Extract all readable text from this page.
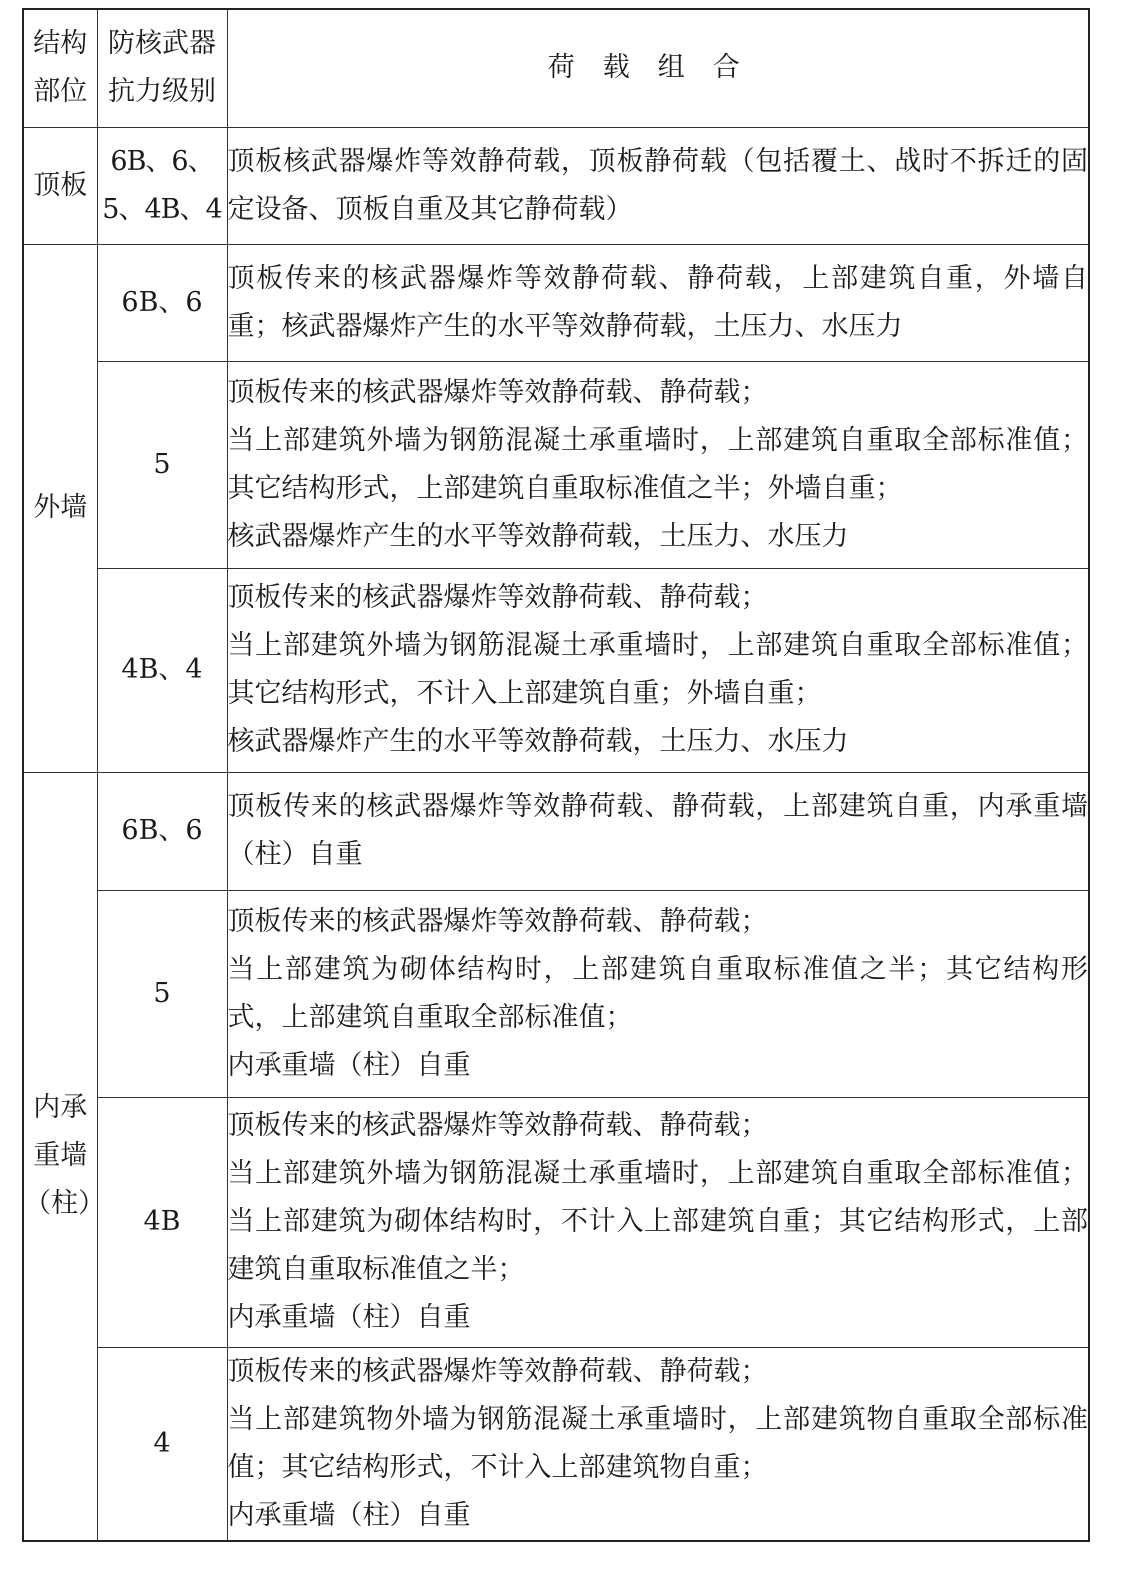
结构部位	防核武器抗力级别	荷载组合
顶板	6B、6、5、4B、4	顶板核武器爆炸等效静荷载，顶板静荷载（包括覆土、战时不拆迁的固定设备、顶板自重及其它静荷载）

外墙	6B、6	顶板传来的核武器爆炸等效静荷载、静荷载，上部建筑自重，外墙自重；核武器爆炸产生的水平等效静荷载，土压力、水压力

	5	顶板传来的核武器爆炸等效静荷载、静荷载；
当上部建筑外墙为钢筋混凝土承重墙时，上部建筑自重取全部标准值；其它结构形式，上部建筑自重取标准值之半；外墙自重；
核武器爆炸产生的水平等效静荷载，土压力、水压力

	4B、4	顶板传来的核武器爆炸等效静荷载、静荷载；
当上部建筑外墙为钢筋混凝土承重墙时，上部建筑自重取全部标准值；其它结构形式，不计入上部建筑自重；外墙自重；
核武器爆炸产生的水平等效静荷载，土压力、水压力

内承重墙（柱）	6B、6	顶板传来的核武器爆炸等效静荷载、静荷载，上部建筑自重，内承重墙（柱）自重

	5	顶板传来的核武器爆炸等效静荷载、静荷载；
当上部建筑为砌体结构时，上部建筑自重取标准值之半；其它结构形式，上部建筑自重取全部标准值；
内承重墙（柱）自重

	4B	顶板传来的核武器爆炸等效静荷载、静荷载；
当上部建筑外墙为钢筋混凝土承重墙时，上部建筑自重取全部标准值；当上部建筑为砌体结构时，不计入上部建筑自重；其它结构形式，上部建筑自重取标准值之半；
内承重墙（柱）自重

	4	顶板传来的核武器爆炸等效静荷载、静荷载；
当上部建筑物外墙为钢筋混凝土承重墙时，上部建筑物自重取全部标准值；其它结构形式，不计入上部建筑物自重；
内承重墙（柱）自重
